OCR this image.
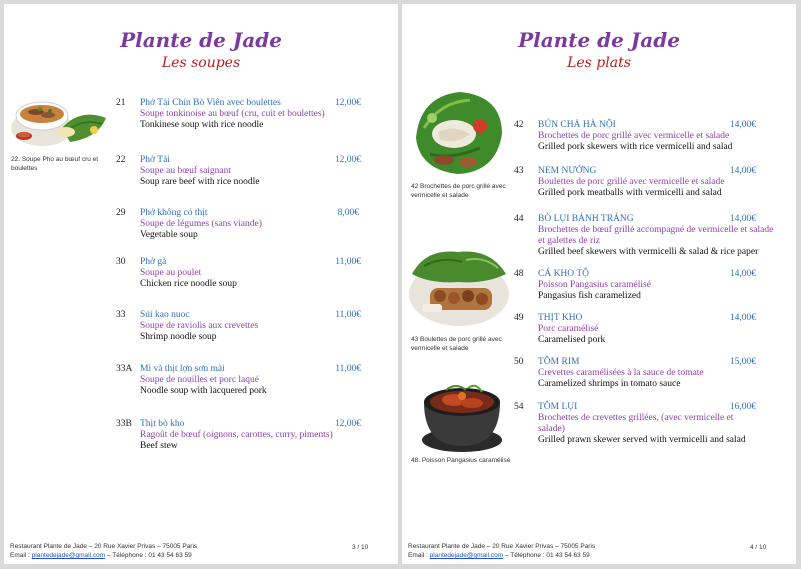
Plante de Jade
Les soupes
22. Soupe Pho au bœuf cru et boulettes
21 Phở Tái Chín Bò Viên avec boulettes	12,00€
Soupe tonkinoise au bœuf (cru, cuit et boulettes)
Tonkinese soup with rice noodle
22 Phở Tái	12,00€
Soupe au bœuf saignant
Soup rare beef with rice noodle
29 Phở không có thịt	8,00€
Soupe de légumes (sans viande)
Vegetable soup
30 Phở gà	11,00€
Soupe au poulet
Chicken rice noodle soup
33 Súi kao nuoc	11,00€
Soupe de raviolis aux crevettes
Shrimp noodle soup
33A Mì và thịt lợn sơn mài	11,00€
Soupe de nouilles et porc laqué
Noodle soup with lacquered pork
33B Thịt bò kho	12,00€
Ragoût de bœuf (oignons, carottes, curry, piments)
Beef stew
Restaurant Plante de Jade – 20 Rue Xavier Privas – 75005 Paris
Email : plantedejade@gmail.com – Téléphone : 01 43 54 63 59
3 / 10
Plante de Jade
Les plats
42 Brochettes de porc grillé avec vermicelle et salade
43 Boulettes de porc grillé avec vermicelle et salade
48. Poisson Pangasius caramélisé
42 BÚN CHẢ HÀ NỘI	14,00€
Brochettes de porc grillé avec vermicelle et salade
Grilled pork skewers with rice vermicelli and salad
43 NEM NƯỚNG	14,00€
Boulettes de porc grillé avec vermicelle et salade
Grilled pork meatballs with vermicelli and salad
44 BÒ LỤI BÁNH TRÁNG	14,00€
Brochettes de bœuf grillé accompagné de vermicelle et salade et galettes de riz
Grilled beef skewers with vermicelli & salad & rice paper
48 CÁ KHO TỘ	14,00€
Poisson Pangasius caramélisé
Pangasius fish caramelized
49 THỊT KHO	14,00€
Porc caramélisé
Caramelised pork
50 TÔM RIM	15,00€
Crevettes caramélisées à la sauce de tomate
Caramelized shrimps in tomato sauce
54 TÔM LỤI	16,00€
Brochettes de crevettes grillées, (avec vermicelle et salade)
Grilled prawn skewer served with vermicelli and salad
Restaurant Plante de Jade – 20 Rue Xavier Privas – 75005 Paris
Email : plantedejade@gmail.com – Téléphone : 01 43 54 63 59
4 / 10
